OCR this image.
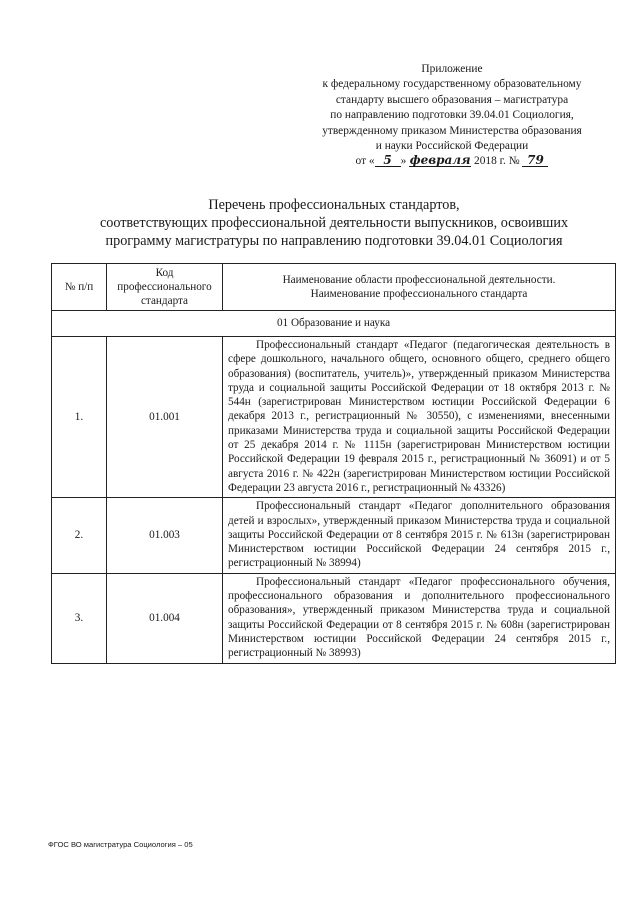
Приложение
к федеральному государственному образовательному
стандарту высшего образования – магистратура
по направлению подготовки 39.04.01 Социология,
утвержденному приказом Министерства образования
и науки Российской Федерации
от « 5 » февраля 2018 г. № 79
Перечень профессиональных стандартов,
соответствующих профессиональной деятельности выпускников, освоивших
программу магистратуры по направлению подготовки 39.04.01 Социология
№ п/п	Код профессионального стандарта	Наименование области профессиональной деятельности.
Наименование профессионального стандарта

01 Образование и наука		
1.	01.001	Профессиональный стандарт «Педагог (педагогическая деятельность в сфере дошкольного, начального общего, основного общего, среднего общего образования) (воспитатель, учитель)», утвержденный приказом Министерства труда и социальной защиты Российской Федерации от 18 октября 2013 г. № 544н (зарегистрирован Министерством юстиции Российской Федерации 6 декабря 2013 г., регистрационный № 30550), с изменениями, внесенными приказами Министерства труда и социальной защиты Российской Федерации от 25 декабря 2014 г. № 1115н (зарегистрирован Министерством юстиции Российской Федерации 19 февраля 2015 г., регистрационный № 36091) и от 5 августа 2016 г. № 422н (зарегистрирован Министерством юстиции Российской Федерации 23 августа 2016 г., регистрационный № 43326)
2.	01.003	Профессиональный стандарт «Педагог дополнительного образования детей и взрослых», утвержденный приказом Министерства труда и социальной защиты Российской Федерации от 8 сентября 2015 г. № 613н (зарегистрирован Министерством юстиции Российской Федерации 24 сентября 2015 г., регистрационный № 38994)
3.	01.004	Профессиональный стандарт «Педагог профессионального обучения, профессионального образования и дополнительного профессионального образования», утвержденный приказом Министерства труда и социальной защиты Российской Федерации от 8 сентября 2015 г. № 608н (зарегистрирован Министерством юстиции Российской Федерации 24 сентября 2015 г., регистрационный № 38993)
ФГОС ВО магистратура Социология – 05
